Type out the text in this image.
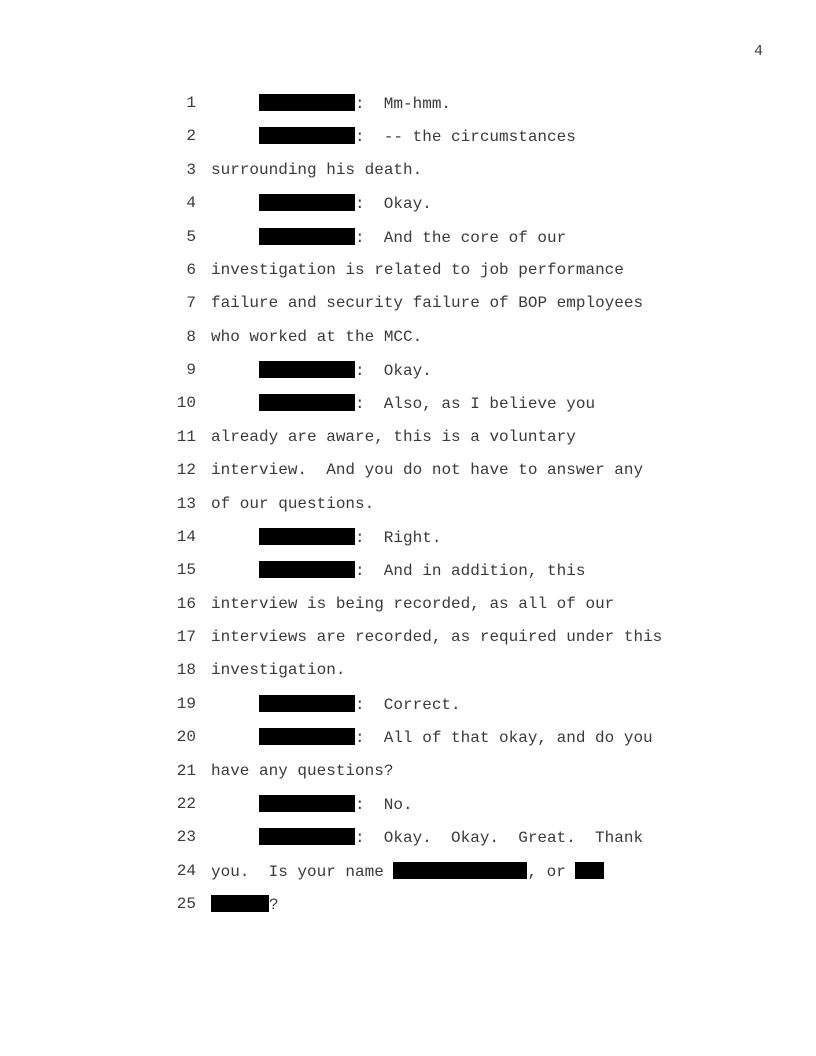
4
1	:  Mm-hmm.
2	:  -- the circumstances
3 surrounding his death.
4	:  Okay.
5	:  And the core of our
6 investigation is related to job performance
7 failure and security failure of BOP employees
8 who worked at the MCC.
9	:  Okay.
10	:  Also, as I believe you
11 already are aware, this is a voluntary
12 interview.  And you do not have to answer any
13 of our questions.
14	:  Right.
15	:  And in addition, this
16 interview is being recorded, as all of our
17 interviews are recorded, as required under this
18 investigation.
19	:  Correct.
20	:  All of that okay, and do you
21 have any questions?
22	:  No.
23	:  Okay.  Okay.  Great.  Thank

24

you.  Is your name	, or

25

	?
